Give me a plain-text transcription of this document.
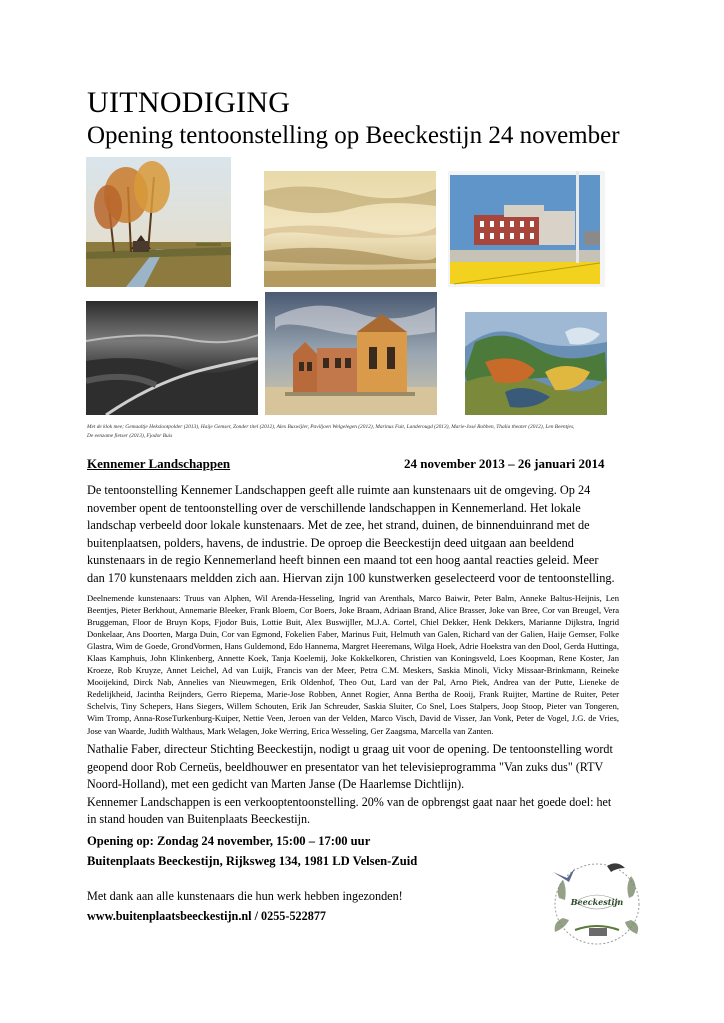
UITNODIGING
Opening tentoonstelling op Beeckestijn 24 november
Met de klok mee; Gemaaltje Hekslootpolder (2013), Haije Gemser, Zonder titel (2012), Alex Buswijler, Paviljoen Welgelegen (2012), Marinus Fuit, Landerougd (2013), Marie-José Robben, Thalia theater (2012), Len Beentjes,
De eenzame fietser (2013), Fjodor Buis
Kennemer Landschappen	24 november 2013 – 26 januari 2014
De tentoonstelling Kennemer Landschappen geeft alle ruimte aan kunstenaars uit de omgeving. Op 24 november opent de tentoonstelling over de verschillende landschappen in Kennemerland. Het lokale landschap verbeeld door lokale kunstenaars. Met de zee, het strand, duinen, de binnenduinrand met de buitenplaatsen, polders, havens, de industrie. De oproep die Beeckestijn deed uitgaan aan beeldend kunstenaars in de regio Kennemerland heeft binnen een maand tot een hoog aantal reacties geleid. Meer dan 170 kunstenaars meldden zich aan. Hiervan zijn 100 kunstwerken geselecteerd voor de tentoonstelling.
Deelnemende kunstenaars: Truus van Alphen, Wil Arenda-Hesseling, Ingrid van Arenthals, Marco Baiwir, Peter Balm, Anneke Baltus-Heijnis, Len Beentjes, Pieter Berkhout, Annemarie Bleeker, Frank Bloem, Cor Boers, Joke Braam, Adriaan Brand, Alice Brasser, Joke van Bree, Cor van Breugel, Vera Bruggeman, Floor de Bruyn Kops, Fjodor Buis, Lottie Buit, Alex Buswijller, M.J.A. Cortel, Chiel Dekker, Henk Dekkers, Marianne Dijkstra, Ingrid Donkelaar, Ans Doorten, Marga Duin, Cor van Egmond, Fokelien Faber, Marinus Fuit, Helmuth van Galen, Richard van der Galien, Haije Gemser, Folke Glastra, Wim de Goede, GrondVormen, Hans Guldemond, Edo Hannema, Margret Heeremans, Wilga Hoek, Adrie Hoekstra van den Dool, Gerda Huttinga, Klaas Kamphuis, John Klinkenberg, Annette Koek, Tanja Koelemij, Joke Kokkelkoren, Christien van Koningsveld, Loes Koopman, Rene Koster, Jan Kroeze, Rob Kruyze, Annet Leichel, Ad van Luijk, Francis van der Meer, Petra C.M. Meskers, Saskia Minoli, Vicky Missaar-Brinkmann, Reineke Mooijekind, Dirck Nab, Annelies van Nieuwmegen, Erik Oldenhof, Theo Out, Lard van der Pal, Arno Piek, Andrea van der Putte, Lieneke de Redelijkheid, Jacintha Reijnders, Gerro Riepema, Marie-Jose Robben, Annet Rogier, Anna Bertha de Rooij, Frank Ruijter, Martine de Ruiter, Peter Schelvis, Tiny Schepers, Hans Siegers, Willem Schouten, Erik Jan Schreuder, Saskia Sluiter, Co Snel, Loes Stalpers, Joop Stoop, Pieter van Tongeren, Wim Tromp, Anna-RoseTurkenburg-Kuiper, Nettie Veen, Jeroen van der Velden, Marco Visch, David de Visser, Jan Vonk, Peter de Vogel, J.G. de Vries, Jose van Waarde, Judith Walthaus, Mark Welagen, Joke Werring, Erica Wesseling, Ger Zaagsma, Marcella van Zanten.
Nathalie Faber, directeur Stichting Beeckestijn, nodigt u graag uit voor de opening. De tentoonstelling wordt geopend door Rob Cerneüs, beeldhouwer en presentator van het televisieprogramma "Van zuks dus" (RTV Noord-Holland), met een gedicht van Marten Janse (De Haarlemse Dichtlijn).
Kennemer Landschappen is een verkooptentoonstelling. 20% van de opbrengst gaat naar het goede doel: het in stand houden van Buitenplaats Beeckestijn.
Opening op: Zondag 24 november, 15:00 – 17:00 uur
Buitenplaats Beeckestijn, Rijksweg 134, 1981 LD Velsen-Zuid
Met dank aan alle kunstenaars die hun werk hebben ingezonden!
www.buitenplaatsbeeckestijn.nl / 0255-522877
Beeckestijn
